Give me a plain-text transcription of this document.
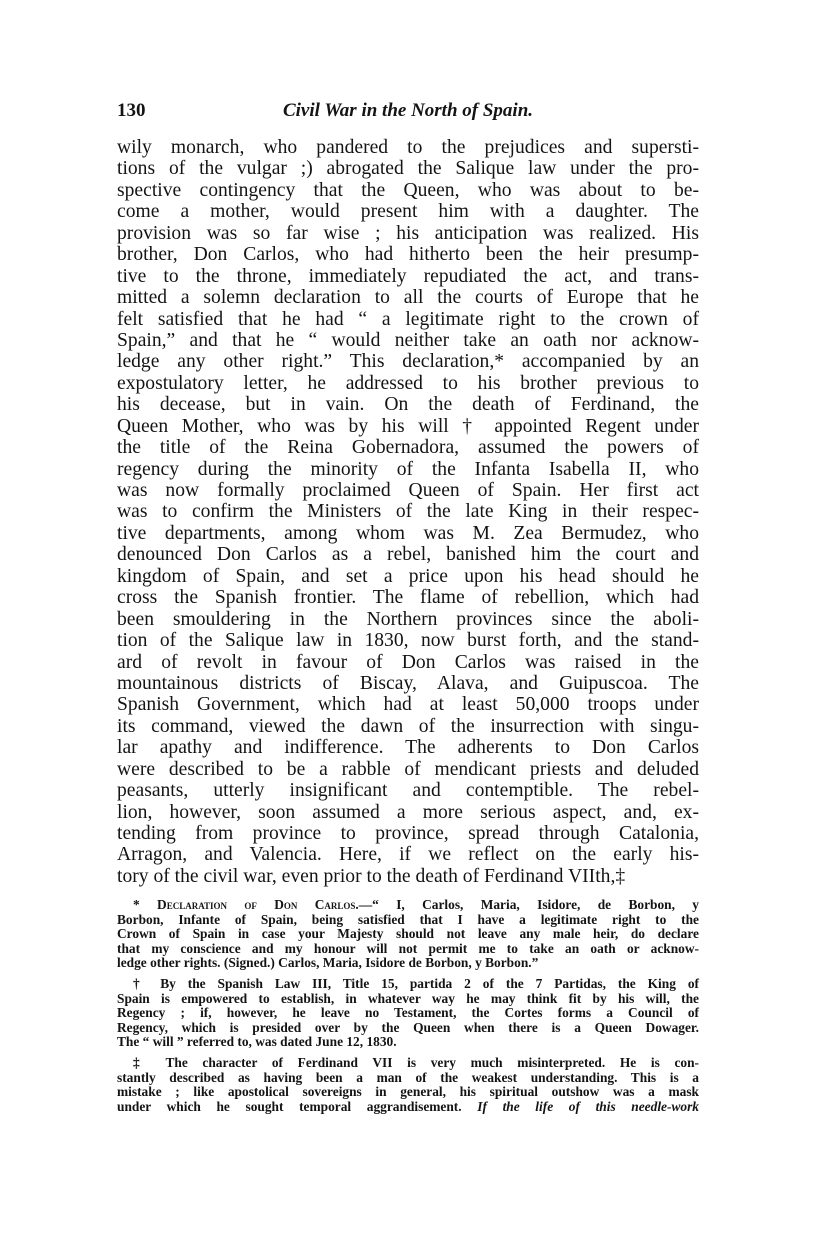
130	Civil War in the North of Spain.
wily monarch, who pandered to the prejudices and supersti-
tions of the vulgar ;) abrogated the Salique law under the pro-
spective contingency that the Queen, who was about to be-
come a mother, would present him with a daughter. The
provision was so far wise ; his anticipation was realized. His
brother, Don Carlos, who had hitherto been the heir presump-
tive to the throne, immediately repudiated the act, and trans-
mitted a solemn declaration to all the courts of Europe that he
felt satisfied that he had “ a legitimate right to the crown of
Spain,” and that he “ would neither take an oath nor acknow-
ledge any other right.” This declaration,* accompanied by an
expostulatory letter, he addressed to his brother previous to
his decease, but in vain. On the death of Ferdinand, the
Queen Mother, who was by his will † appointed Regent under
the title of the Reina Gobernadora, assumed the powers of
regency during the minority of the Infanta Isabella II, who
was now formally proclaimed Queen of Spain. Her first act
was to confirm the Ministers of the late King in their respec-
tive departments, among whom was M. Zea Bermudez, who
denounced Don Carlos as a rebel, banished him the court and
kingdom of Spain, and set a price upon his head should he
cross the Spanish frontier. The flame of rebellion, which had
been smouldering in the Northern provinces since the aboli-
tion of the Salique law in 1830, now burst forth, and the stand-
ard of revolt in favour of Don Carlos was raised in the
mountainous districts of Biscay, Alava, and Guipuscoa. The
Spanish Government, which had at least 50,000 troops under
its command, viewed the dawn of the insurrection with singu-
lar apathy and indifference. The adherents to Don Carlos
were described to be a rabble of mendicant priests and deluded
peasants, utterly insignificant and contemptible. The rebel-
lion, however, soon assumed a more serious aspect, and, ex-
tending from province to province, spread through Catalonia,
Arragon, and Valencia. Here, if we reflect on the early his-
tory of the civil war, even prior to the death of Ferdinand VIIth,‡
* Declaration of Don Carlos.—“ I, Carlos, Maria, Isidore, de Borbon, y
Borbon, Infante of Spain, being satisfied that I have a legitimate right to the
Crown of Spain in case your Majesty should not leave any male heir, do declare
that my conscience and my honour will not permit me to take an oath or acknow-
ledge other rights. (Signed.) Carlos, Maria, Isidore de Borbon, y Borbon.”
† By the Spanish Law III, Title 15, partida 2 of the 7 Partidas, the King of
Spain is empowered to establish, in whatever way he may think fit by his will, the
Regency ; if, however, he leave no Testament, the Cortes forms a Council of
Regency, which is presided over by the Queen when there is a Queen Dowager.
The “ will ” referred to, was dated June 12, 1830.
‡ The character of Ferdinand VII is very much misinterpreted. He is con-
stantly described as having been a man of the weakest understanding. This is a
mistake ; like apostolical sovereigns in general, his spiritual outshow was a mask
under which he sought temporal aggrandisement. If the life of this needle-work
